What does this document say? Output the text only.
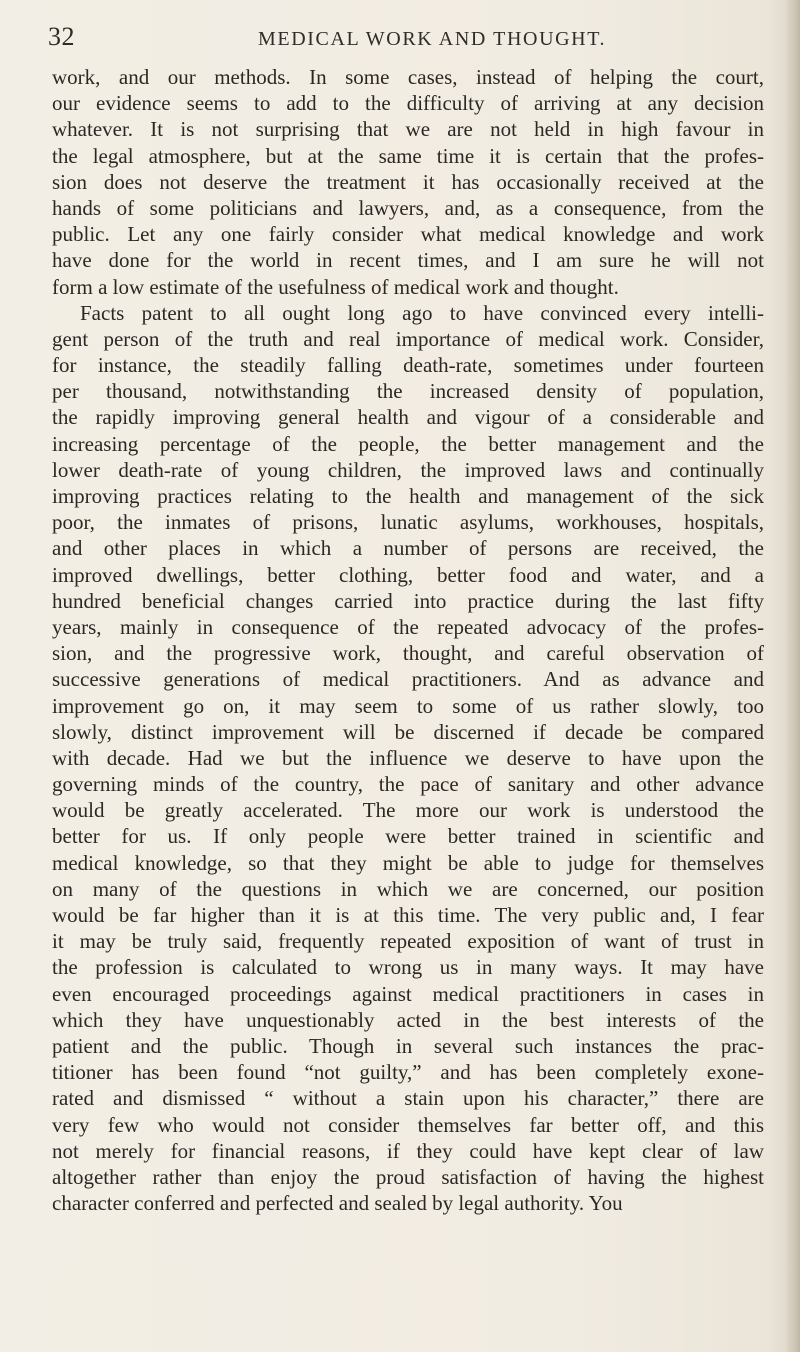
32	MEDICAL WORK AND THOUGHT.
work, and our methods. In some cases, instead of helping the court,
our evidence seems to add to the difficulty of arriving at any decision
whatever. It is not surprising that we are not held in high favour in
the legal atmosphere, but at the same time it is certain that the profes-
sion does not deserve the treatment it has occasionally received at the
hands of some politicians and lawyers, and, as a consequence, from the
public. Let any one fairly consider what medical knowledge and work
have done for the world in recent times, and I am sure he will not
form a low estimate of the usefulness of medical work and thought.
Facts patent to all ought long ago to have convinced every intelli-
gent person of the truth and real importance of medical work. Consider,
for instance, the steadily falling death-rate, sometimes under fourteen
per thousand, notwithstanding the increased density of population,
the rapidly improving general health and vigour of a considerable and
increasing percentage of the people, the better management and the
lower death-rate of young children, the improved laws and continually
improving practices relating to the health and management of the sick
poor, the inmates of prisons, lunatic asylums, workhouses, hospitals,
and other places in which a number of persons are received, the
improved dwellings, better clothing, better food and water, and a
hundred beneficial changes carried into practice during the last fifty
years, mainly in consequence of the repeated advocacy of the profes-
sion, and the progressive work, thought, and careful observation of
successive generations of medical practitioners. And as advance and
improvement go on, it may seem to some of us rather slowly, too
slowly, distinct improvement will be discerned if decade be compared
with decade. Had we but the influence we deserve to have upon the
governing minds of the country, the pace of sanitary and other advance
would be greatly accelerated. The more our work is understood the
better for us. If only people were better trained in scientific and
medical knowledge, so that they might be able to judge for themselves
on many of the questions in which we are concerned, our position
would be far higher than it is at this time. The very public and, I fear
it may be truly said, frequently repeated exposition of want of trust in
the profession is calculated to wrong us in many ways. It may have
even encouraged proceedings against medical practitioners in cases in
which they have unquestionably acted in the best interests of the
patient and the public. Though in several such instances the prac-
titioner has been found “not guilty,” and has been completely exone-
rated and dismissed “ without a stain upon his character,” there are
very few who would not consider themselves far better off, and this
not merely for financial reasons, if they could have kept clear of law
altogether rather than enjoy the proud satisfaction of having the highest
character conferred and perfected and sealed by legal authority. You
